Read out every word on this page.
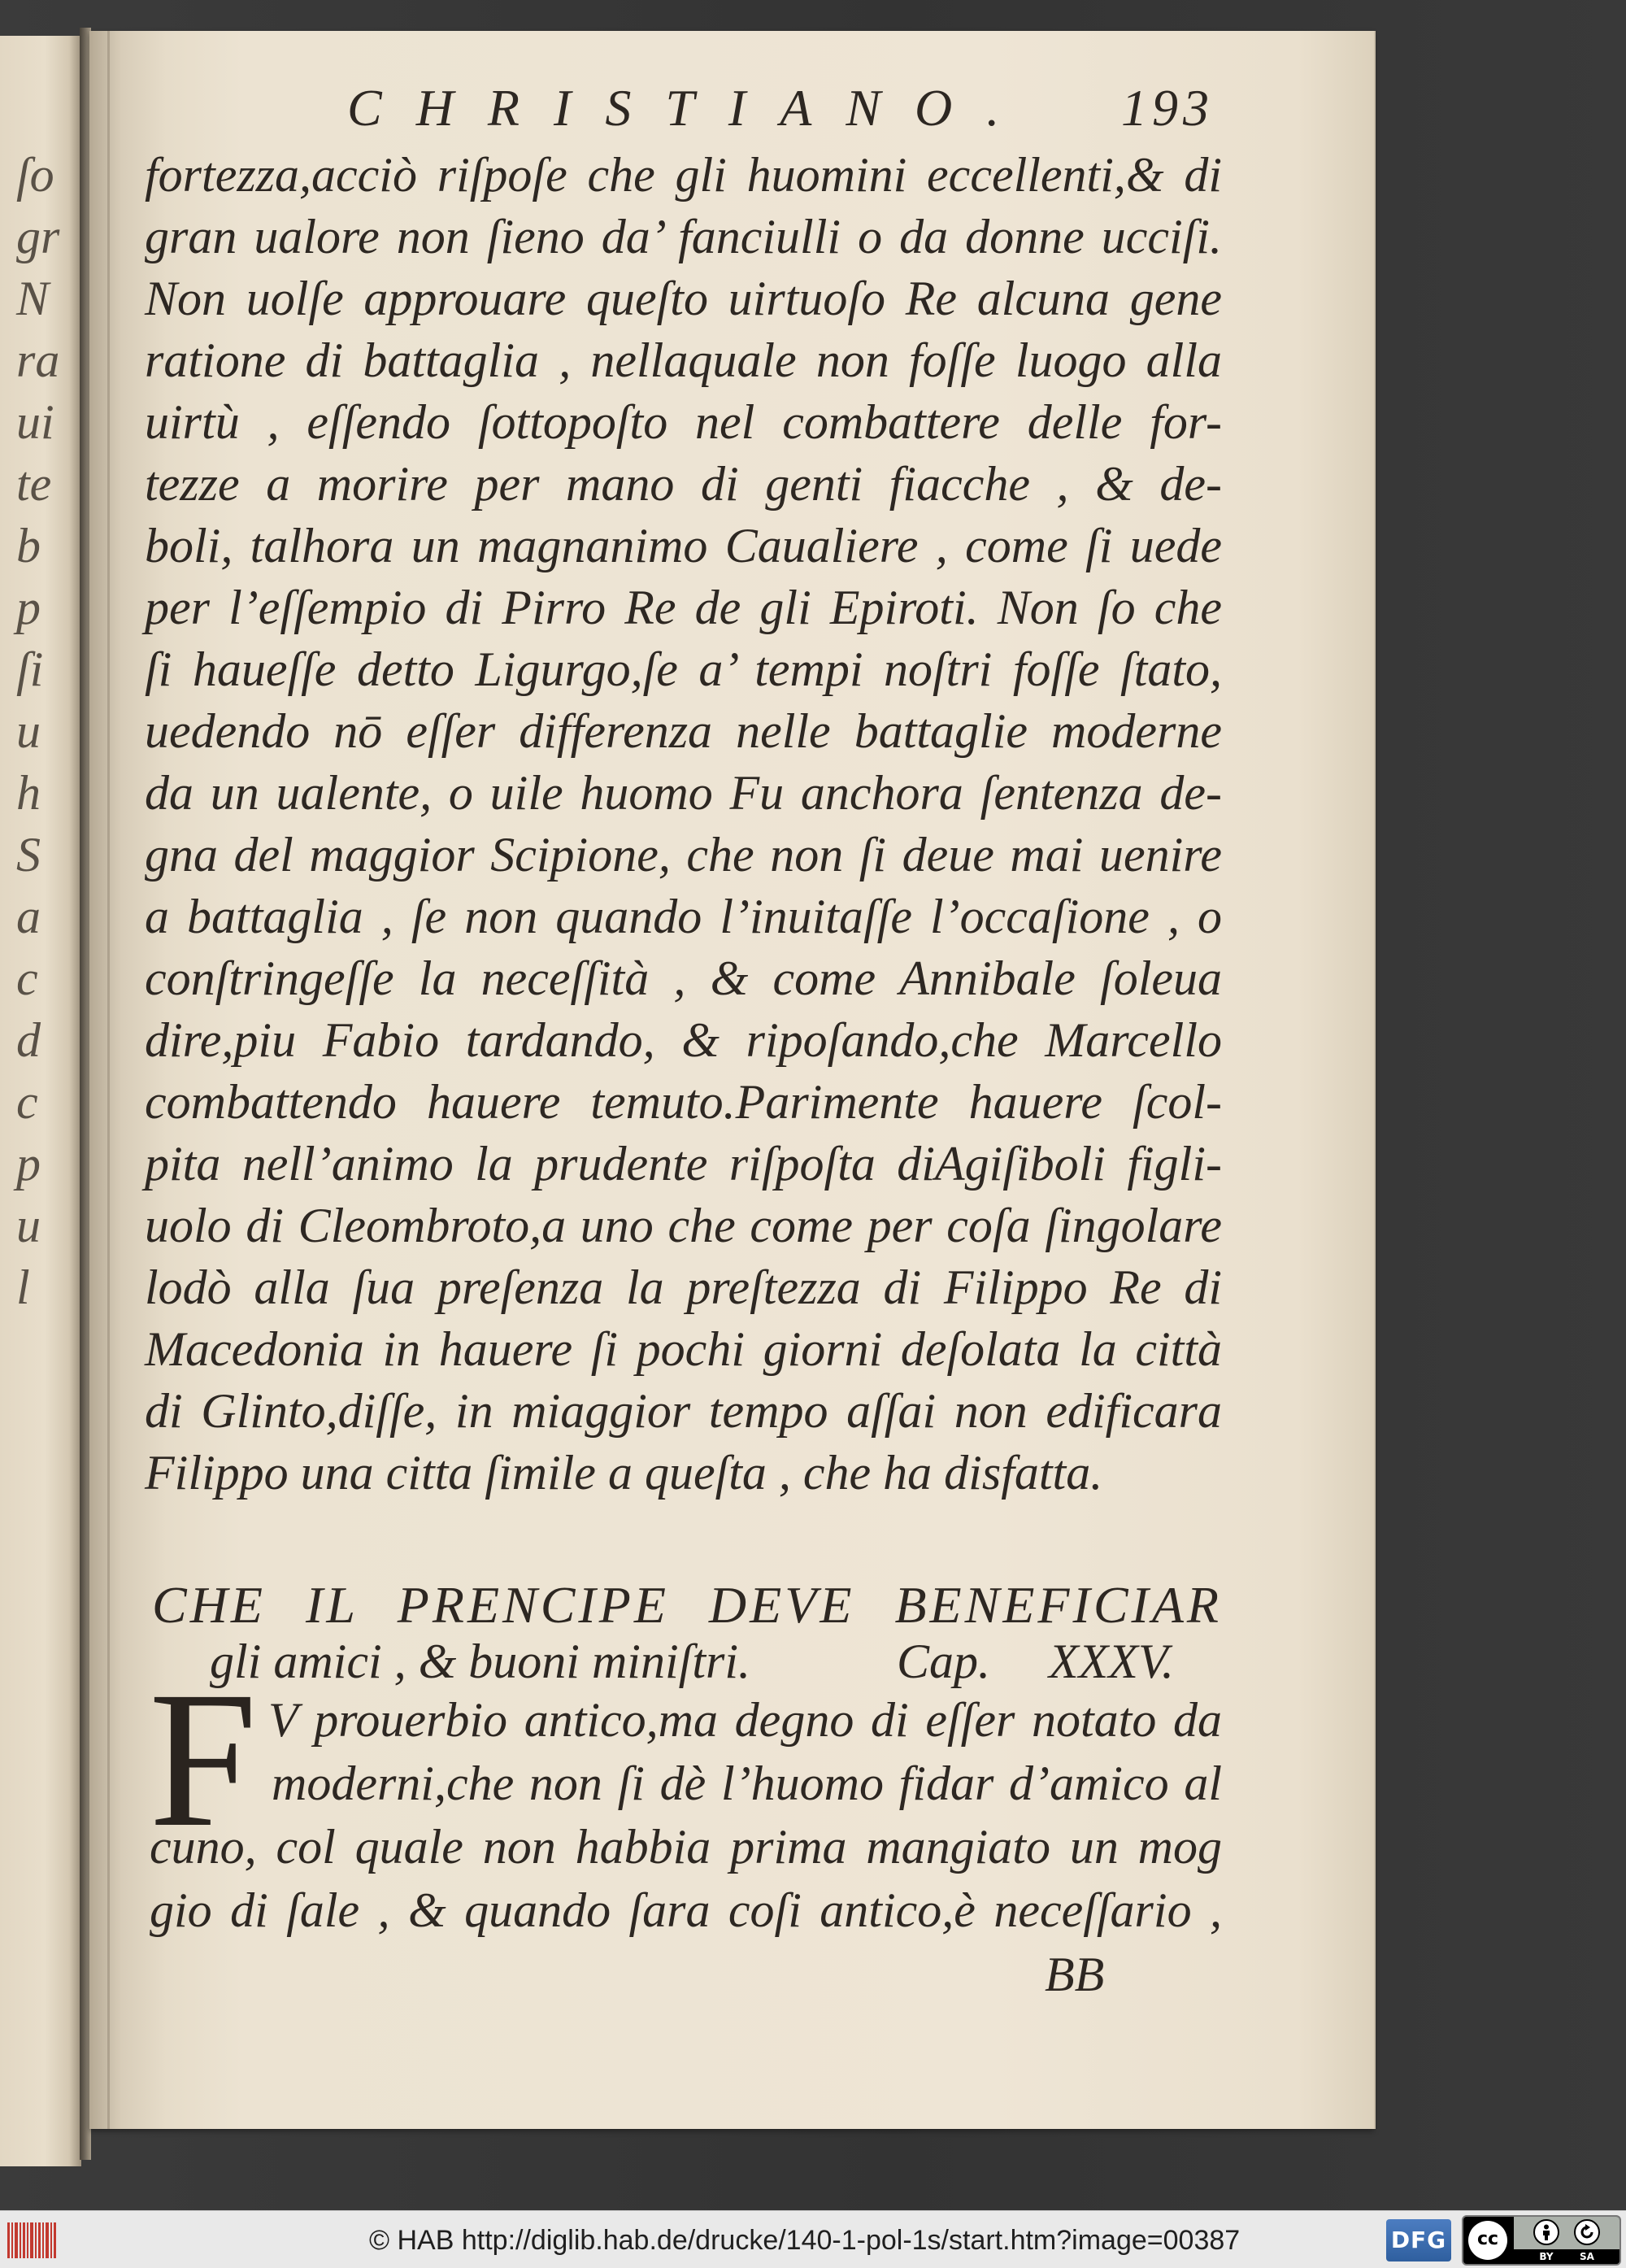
ſo
gr
N
ra
ui
te
b
p
ſi
u
h
S
a
c
d
c
p
u
l
CHRISTIANO. 193
fortezza,acciò riſpoſe che gli huomini eccellenti,& di
gran ualore non ſieno da’ fanciulli o da donne ucciſi.
Non uolſe approuare queſto uirtuoſo Re alcuna gene
ratione di battaglia , nellaquale non foſſe luogo alla
uirtù , eſſendo ſottopoſto nel combattere delle for-
tezze a morire per mano di genti fiacche , & de-
boli, talhora un magnanimo Caualiere , come ſi uede
per l’eſſempio di Pirro Re de gli Epiroti. Non ſo che
ſi haueſſe detto Ligurgo,ſe a’ tempi noſtri foſſe ſtato,
uedendo nō eſſer differenza nelle battaglie moderne
da un ualente, o uile huomo Fu anchora ſentenza de-
gna del maggior Scipione, che non ſi deue mai uenire
a battaglia , ſe non quando l’inuitaſſe l’occaſione , o
conſtringeſſe la neceſſità , & come Annibale ſoleua
dire,piu Fabio tardando, & ripoſando,che Marcello
combattendo hauere temuto.Parimente hauere ſcol-
pita nell’animo la prudente riſpoſta diAgiſiboli figli-
uolo di Cleombroto,a uno che come per coſa ſingolare
lodò alla ſua preſenza la preſtezza di Filippo Re di
Macedonia in hauere ſi pochi giorni deſolata la città
di Glinto,diſſe, in miaggior tempo aſſai non edificara
Filippo una citta ſimile a queſta , che ha disfatta.
CHE IL PRENCIPE DEVE BENEFICIAR
gli amici , & buoni miniſtri.	Cap. XXXV.
F V prouerbio antico,ma degno di eſſer notato da
moderni,che non ſi dè l’huomo fidar d’amico al
cuno, col quale non habbia prima mangiato un mog
gio di ſale , & quando ſara coſi antico,è neceſſario ,
BB
© HAB http://diglib.hab.de/drucke/140-1-pol-1s/start.htm?image=00387	DFG	cc
BY	SA
